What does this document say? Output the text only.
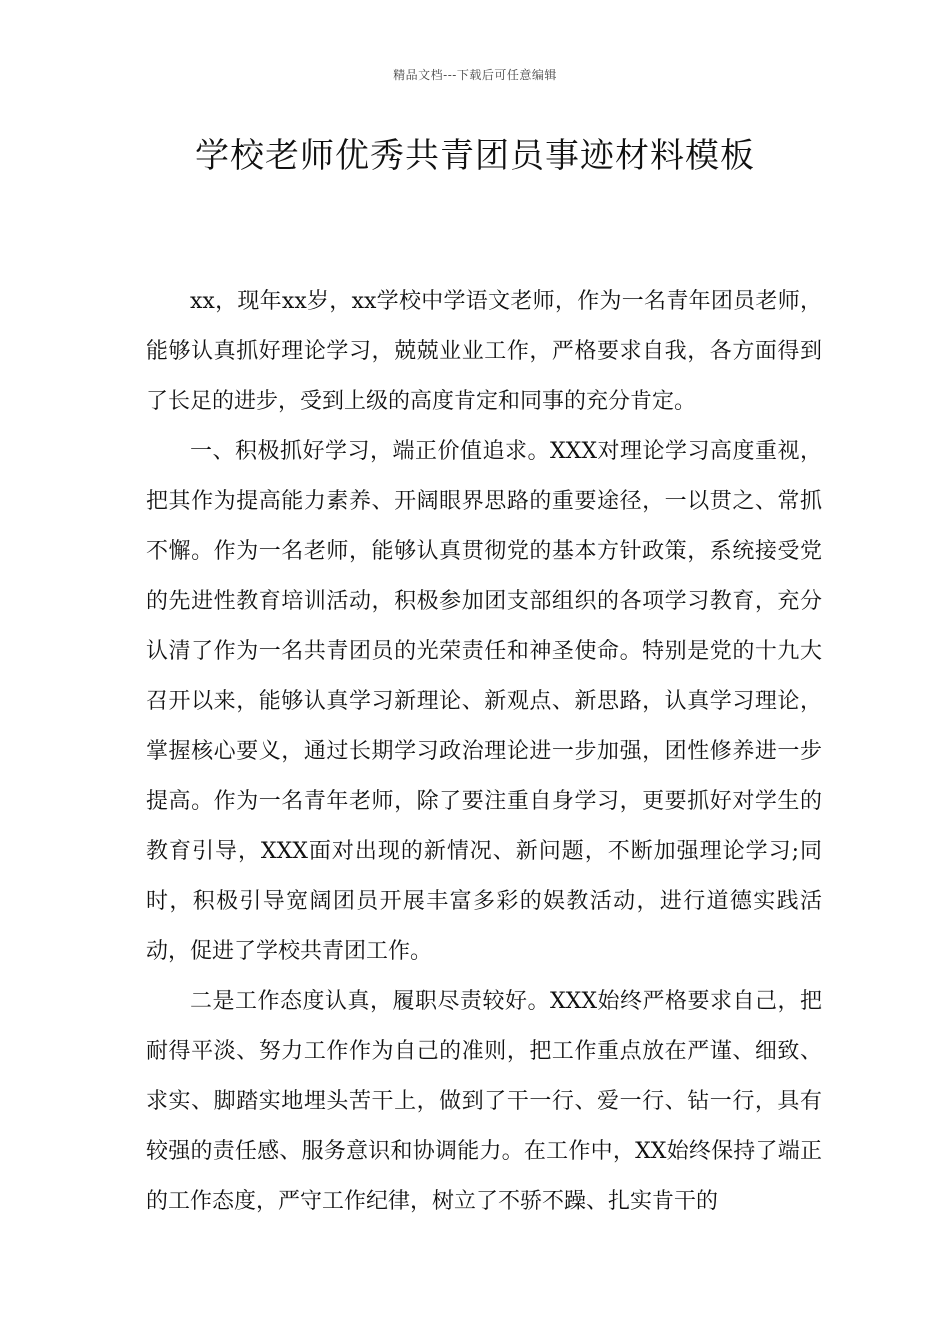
精品文档---下载后可任意编辑
学校老师优秀共青团员事迹材料模板

xx，现年xx岁，xx学校中学语文老师，作为一名青年团员老师，能够认真抓好理论学习，兢兢业业工作，严格要求自我，各方面得到了长足的进步，受到上级的高度肯定和同事的充分肯定。

一、积极抓好学习，端正价值追求。XXX对理论学习高度重视，把其作为提高能力素养、开阔眼界思路的重要途径，一以贯之、常抓不懈。作为一名老师，能够认真贯彻党的基本方针政策，系统接受党的先进性教育培训活动，积极参加团支部组织的各项学习教育，充分认清了作为一名共青团员的光荣责任和神圣使命。特别是党的十九大召开以来，能够认真学习新理论、新观点、新思路，认真学习理论，掌握核心要义，通过长期学习政治理论进一步加强，团性修养进一步提高。作为一名青年老师，除了要注重自身学习，更要抓好对学生的教育引导，XXX面对出现的新情况、新问题，不断加强理论学习;同时，积极引导宽阔团员开展丰富多彩的娱教活动，进行道德实践活动，促进了学校共青团工作。

二是工作态度认真，履职尽责较好。XXX始终严格要求自己，把耐得平淡、努力工作作为自己的准则，把工作重点放在严谨、细致、求实、脚踏实地埋头苦干上，做到了干一行、爱一行、钻一行，具有较强的责任感、服务意识和协调能力。在工作中，XX始终保持了端正的工作态度，严守工作纪律，树立了不骄不躁、扎实肯干的
